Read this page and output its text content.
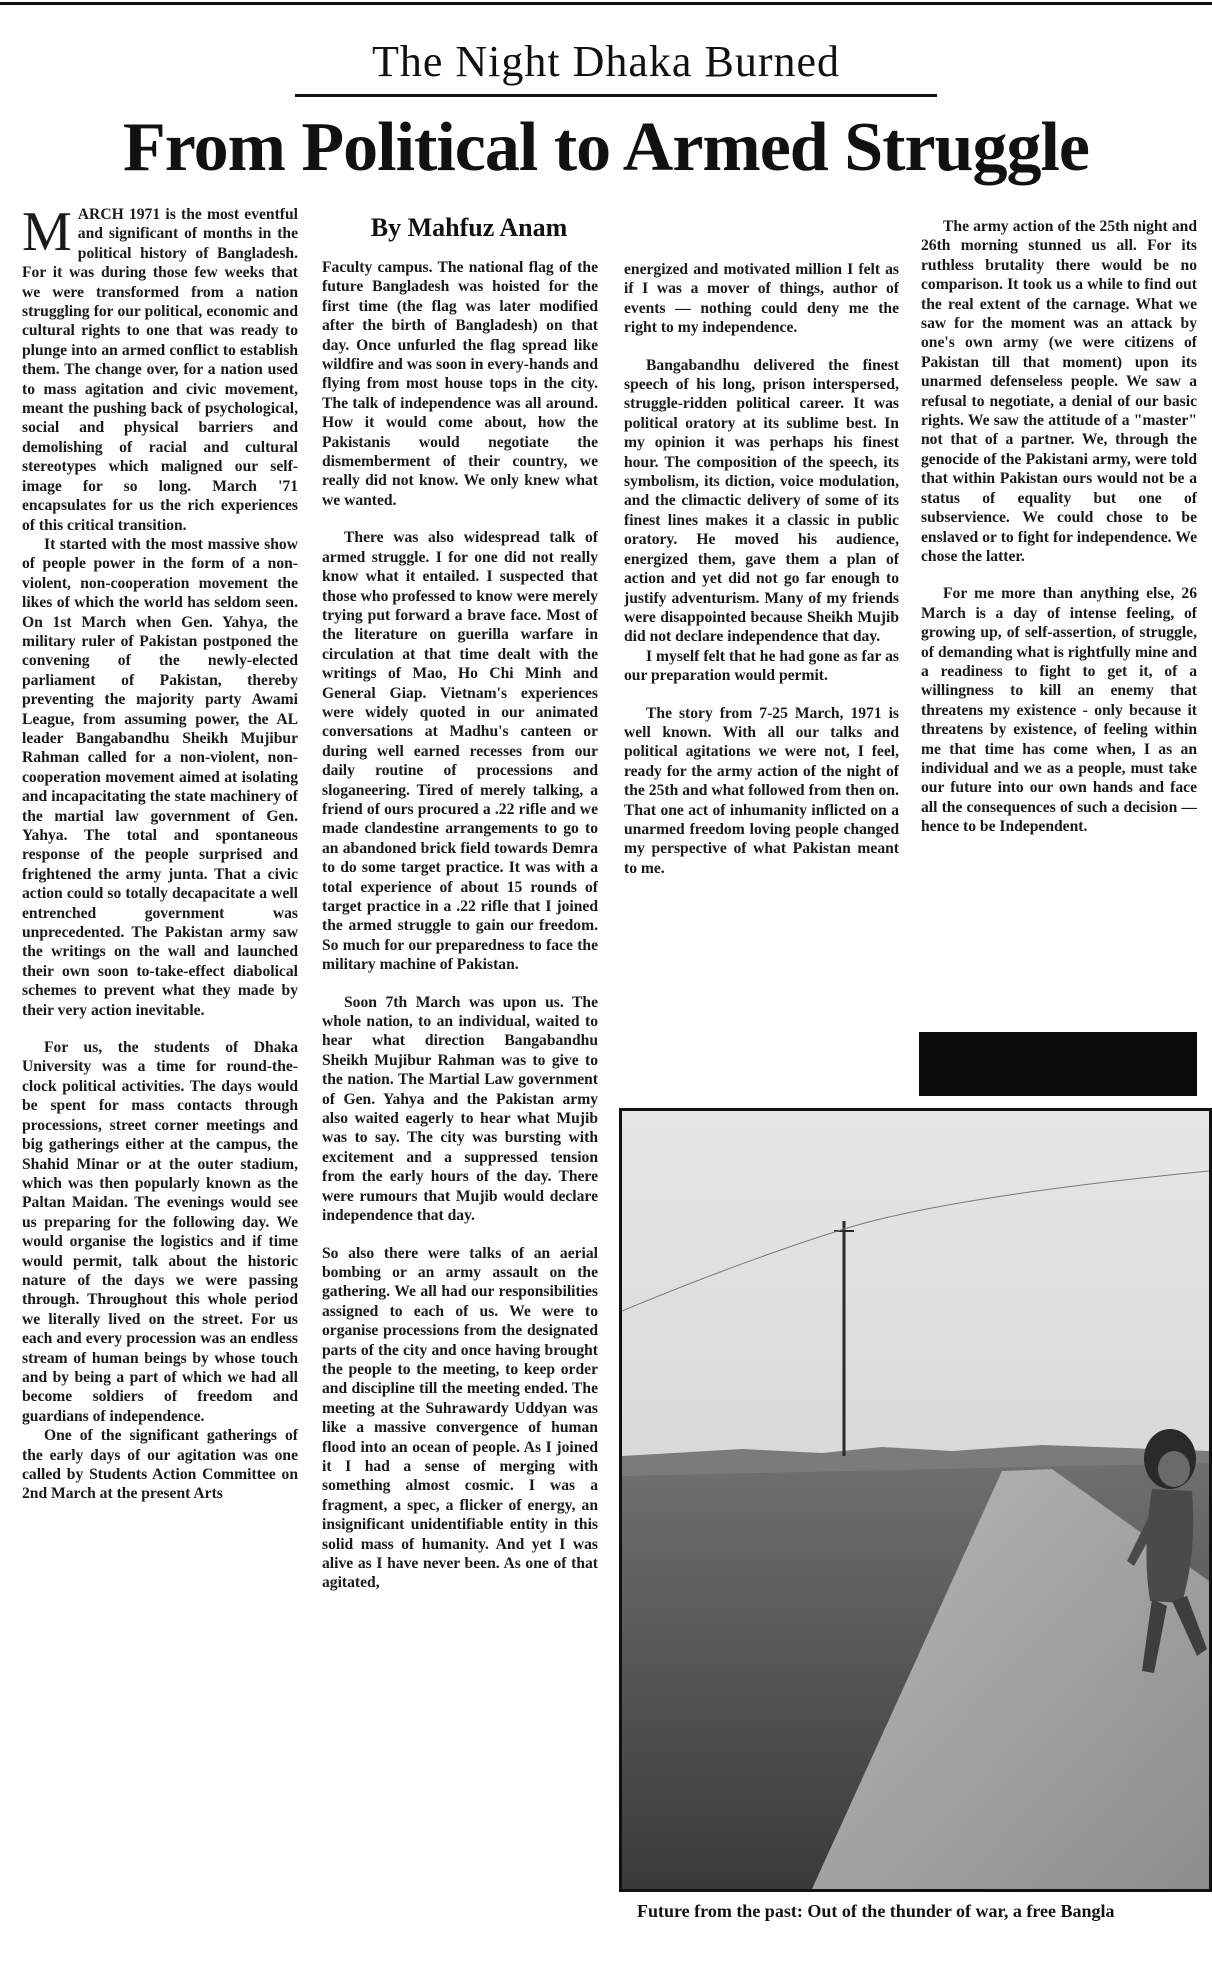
The Night Dhaka Burned
From Political to Armed Struggle

MARCH 1971 is the most eventful and significant of months in the political history of Bangladesh. For it was during those few weeks that we were transformed from a nation struggling for our political, economic and cultural rights to one that was ready to plunge into an armed conflict to establish them. The change over, for a nation used to mass agitation and civic movement, meant the pushing back of psychological, social and physical barriers and demolishing of racial and cultural stereotypes which maligned our self-image for so long. March '71 encapsulates for us the rich experiences of this critical transition.

It started with the most massive show of people power in the form of a non-violent, non-cooperation movement the likes of which the world has seldom seen. On 1st March when Gen. Yahya, the military ruler of Pakistan postponed the convening of the newly-elected parliament of Pakistan, thereby preventing the majority party Awami League, from assuming power, the AL leader Bangabandhu Sheikh Mujibur Rahman called for a non-violent, non-cooperation movement aimed at isolating and incapacitating the state machinery of the martial law government of Gen. Yahya. The total and spontaneous response of the people surprised and frightened the army junta. That a civic action could so totally decapacitate a well entrenched government was unprecedented. The Pakistan army saw the writings on the wall and launched their own soon to-take-effect diabolical schemes to prevent what they made by their very action inevitable.

For us, the students of Dhaka University was a time for round-the-clock political activities. The days would be spent for mass contacts through processions, street corner meetings and big gatherings either at the campus, the Shahid Minar or at the outer stadium, which was then popularly known as the Paltan Maidan. The evenings would see us preparing for the following day. We would organise the logistics and if time would permit, talk about the historic nature of the days we were passing through. Throughout this whole period we literally lived on the street. For us each and every procession was an endless stream of human beings by whose touch and by being a part of which we had all become soldiers of freedom and guardians of independence.

One of the significant gatherings of the early days of our agitation was one called by Students Action Committee on 2nd March at the present Arts

By Mahfuz Anam

Faculty campus. The national flag of the future Bangladesh was hoisted for the first time (the flag was later modified after the birth of Bangladesh) on that day. Once unfurled the flag spread like wildfire and was soon in every-hands and flying from most house tops in the city. The talk of independence was all around. How it would come about, how the Pakistanis would negotiate the dismemberment of their country, we really did not know. We only knew what we wanted.

There was also widespread talk of armed struggle. I for one did not really know what it entailed. I suspected that those who professed to know were merely trying put forward a brave face. Most of the literature on guerilla warfare in circulation at that time dealt with the writings of Mao, Ho Chi Minh and General Giap. Vietnam's experiences were widely quoted in our animated conversations at Madhu's canteen or during well earned recesses from our daily routine of processions and sloganeering. Tired of merely talking, a friend of ours procured a .22 rifle and we made clandestine arrangements to go to an abandoned brick field towards Demra to do some target practice. It was with a total experience of about 15 rounds of target practice in a .22 rifle that I joined the armed struggle to gain our freedom. So much for our preparedness to face the military machine of Pakistan.

Soon 7th March was upon us. The whole nation, to an individual, waited to hear what direction Bangabandhu Sheikh Mujibur Rahman was to give to the nation. The Martial Law government of Gen. Yahya and the Pakistan army also waited eagerly to hear what Mujib was to say. The city was bursting with excitement and a suppressed tension from the early hours of the day. There were rumours that Mujib would declare independence that day.

So also there were talks of an aerial bombing or an army assault on the gathering. We all had our responsibilities assigned to each of us. We were to organise processions from the designated parts of the city and once having brought the people to the meeting, to keep order and discipline till the meeting ended. The meeting at the Suhrawardy Uddyan was like a massive convergence of human flood into an ocean of people. As I joined it I had a sense of merging with something almost cosmic. I was a fragment, a spec, a flicker of energy, an insignificant unidentifiable entity in this solid mass of humanity. And yet I was alive as I have never been. As one of that agitated,

energized and motivated million I felt as if I was a mover of things, author of events — nothing could deny me the right to my independence.

Bangabandhu delivered the finest speech of his long, prison interspersed, struggle-ridden political career. It was political oratory at its sublime best. In my opinion it was perhaps his finest hour. The composition of the speech, its symbolism, its diction, voice modulation, and the climactic delivery of some of its finest lines makes it a classic in public oratory. He moved his audience, energized them, gave them a plan of action and yet did not go far enough to justify adventurism. Many of my friends were disappointed because Sheikh Mujib did not declare independence that day.

I myself felt that he had gone as far as our preparation would permit.

The story from 7-25 March, 1971 is well known. With all our talks and political agitations we were not, I feel, ready for the army action of the night of the 25th and what followed from then on. That one act of inhumanity inflicted on a unarmed freedom loving people changed my perspective of what Pakistan meant to me.

The army action of the 25th night and 26th morning stunned us all. For its ruthless brutality there would be no comparison. It took us a while to find out the real extent of the carnage. What we saw for the moment was an attack by one's own army (we were citizens of Pakistan till that moment) upon its unarmed defenseless people. We saw a refusal to negotiate, a denial of our basic rights. We saw the attitude of a "master" not that of a partner. We, through the genocide of the Pakistani army, were told that within Pakistan ours would not be a status of equality but one of subservience. We could chose to be enslaved or to fight for independence. We chose the latter.

For me more than anything else, 26 March is a day of intense feeling, of growing up, of self-assertion, of struggle, of demanding what is rightfully mine and a readiness to fight to get it, of a willingness to kill an enemy that threatens my existence - only because it threatens by existence, of feeling within me that time has come when, I as an individual and we as a people, must take our future into our own hands and face all the consequences of such a decision — hence to be Independent.

Future from the past: Out of the thunder of war, a free Bangla
